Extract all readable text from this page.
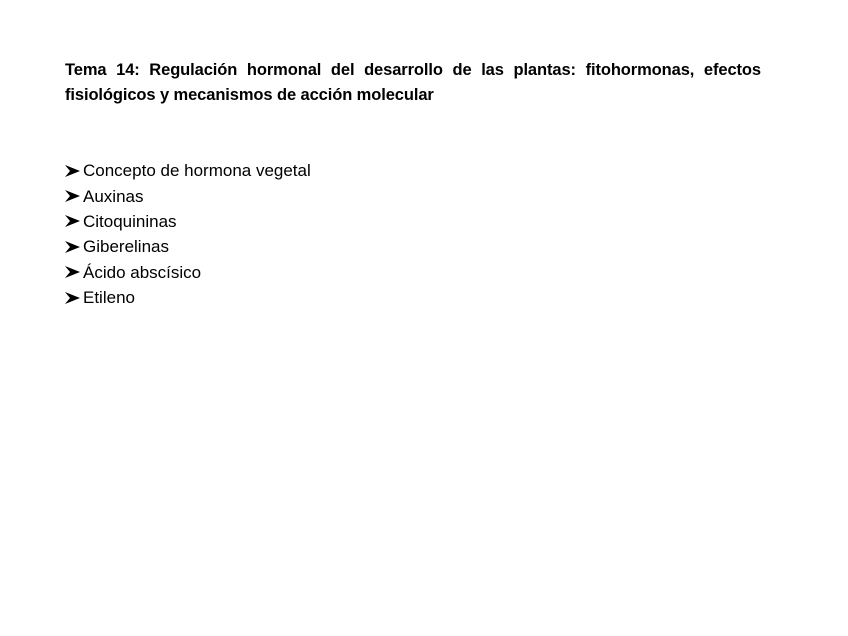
Tema 14: Regulación hormonal del desarrollo de las plantas: fitohormonas, efectos fisiológicos y mecanismos de acción molecular

Concepto de hormona vegetal
Auxinas
Citoquininas
Giberelinas
Ácido abscísico
Etileno
